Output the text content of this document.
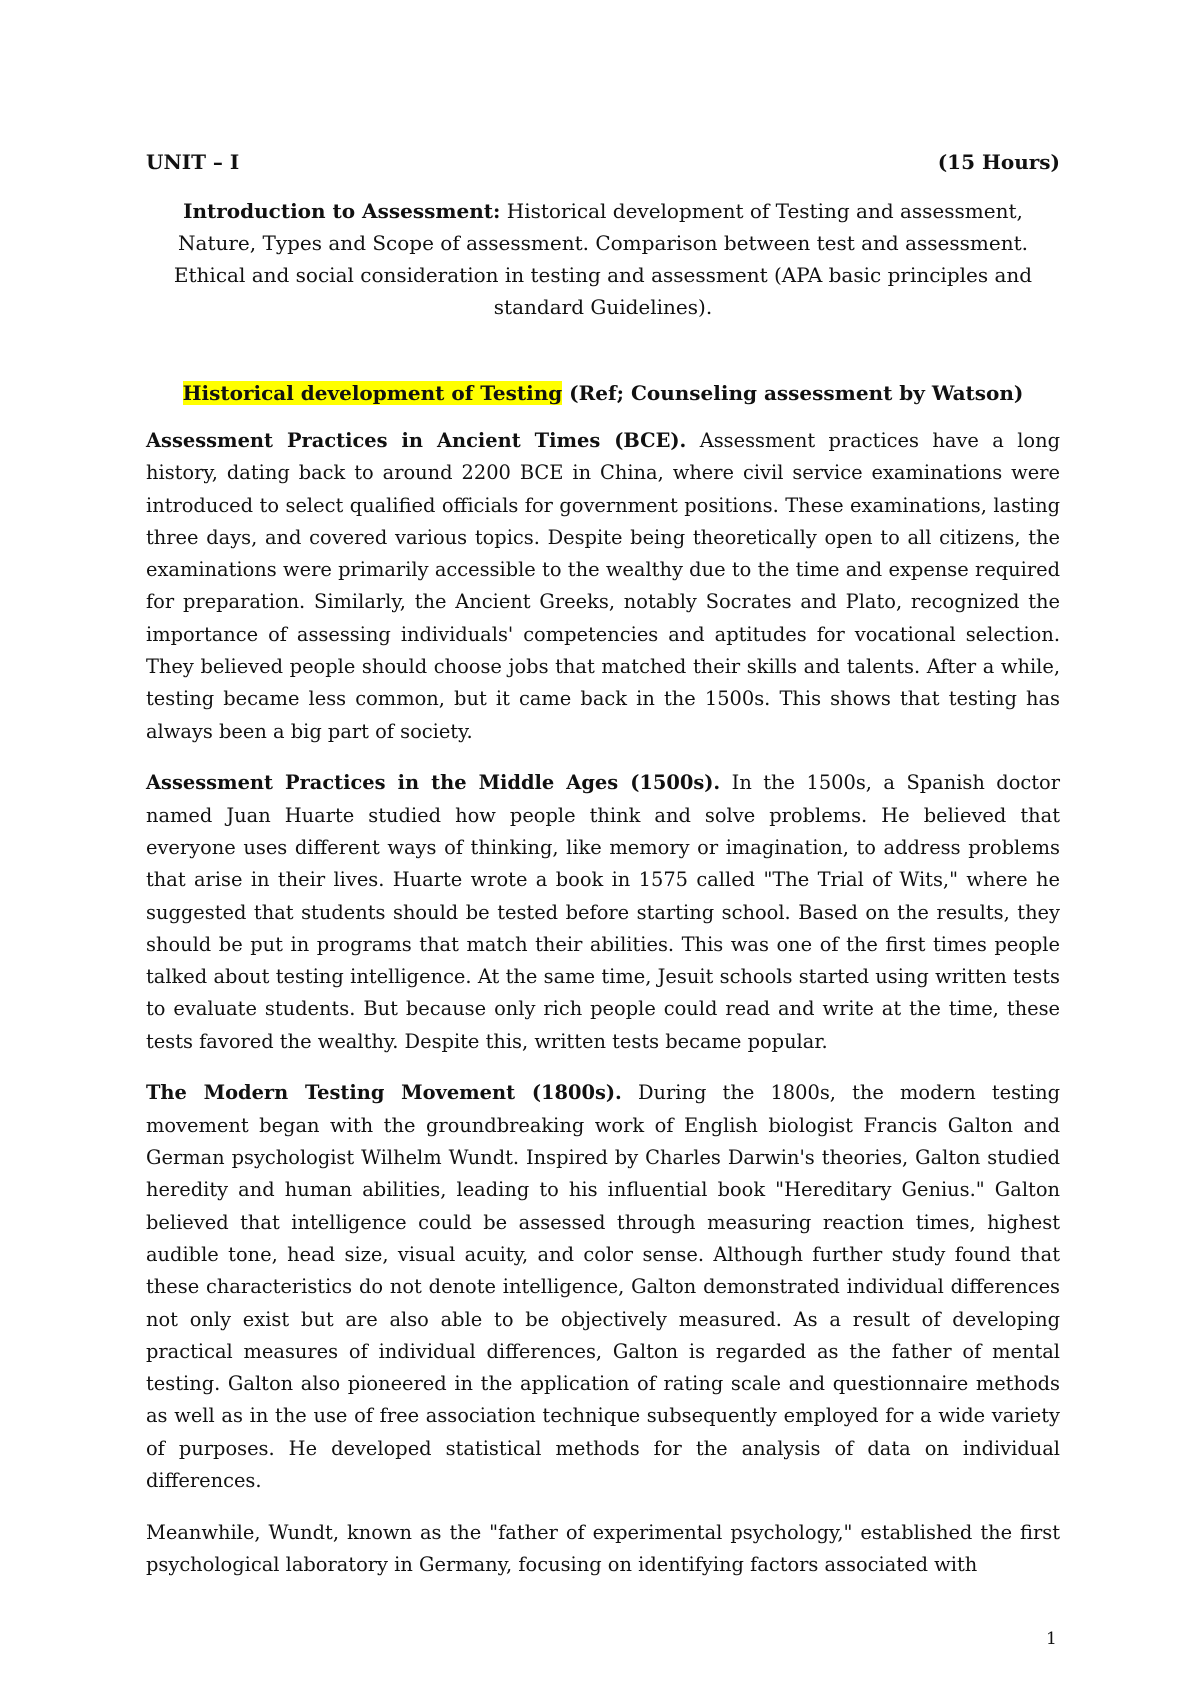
UNIT – I	(15 Hours)
Introduction to Assessment: Historical development of Testing and assessment, Nature, Types and Scope of assessment. Comparison between test and assessment. Ethical and social consideration in testing and assessment (APA basic principles and standard Guidelines).
Historical development of Testing (Ref; Counseling assessment by Watson)

Assessment Practices in Ancient Times (BCE). Assessment practices have a long history, dating back to around 2200 BCE in China, where civil service examinations were introduced to select qualified officials for government positions. These examinations, lasting three days, and covered various topics. Despite being theoretically open to all citizens, the examinations were primarily accessible to the wealthy due to the time and expense required for preparation. Similarly, the Ancient Greeks, notably Socrates and Plato, recognized the importance of assessing individuals' competencies and aptitudes for vocational selection. They believed people should choose jobs that matched their skills and talents. After a while, testing became less common, but it came back in the 1500s. This shows that testing has always been a big part of society.

Assessment Practices in the Middle Ages (1500s). In the 1500s, a Spanish doctor named Juan Huarte studied how people think and solve problems. He believed that everyone uses different ways of thinking, like memory or imagination, to address problems that arise in their lives. Huarte wrote a book in 1575 called "The Trial of Wits," where he suggested that students should be tested before starting school. Based on the results, they should be put in programs that match their abilities. This was one of the first times people talked about testing intelligence. At the same time, Jesuit schools started using written tests to evaluate students. But because only rich people could read and write at the time, these tests favored the wealthy. Despite this, written tests became popular.

The Modern Testing Movement (1800s). During the 1800s, the modern testing movement began with the groundbreaking work of English biologist Francis Galton and German psychologist Wilhelm Wundt. Inspired by Charles Darwin's theories, Galton studied heredity and human abilities, leading to his influential book "Hereditary Genius." Galton believed that intelligence could be assessed through measuring reaction times, highest audible tone, head size, visual acuity, and color sense. Although further study found that these characteristics do not denote intelligence, Galton demonstrated individual differences not only exist but are also able to be objectively measured. As a result of developing practical measures of individual differences, Galton is regarded as the father of mental testing. Galton also pioneered in the application of rating scale and questionnaire methods as well as in the use of free association technique subsequently employed for a wide variety of purposes. He developed statistical methods for the analysis of data on individual differences.

Meanwhile, Wundt, known as the "father of experimental psychology," established the first psychological laboratory in Germany, focusing on identifying factors associated with

1
